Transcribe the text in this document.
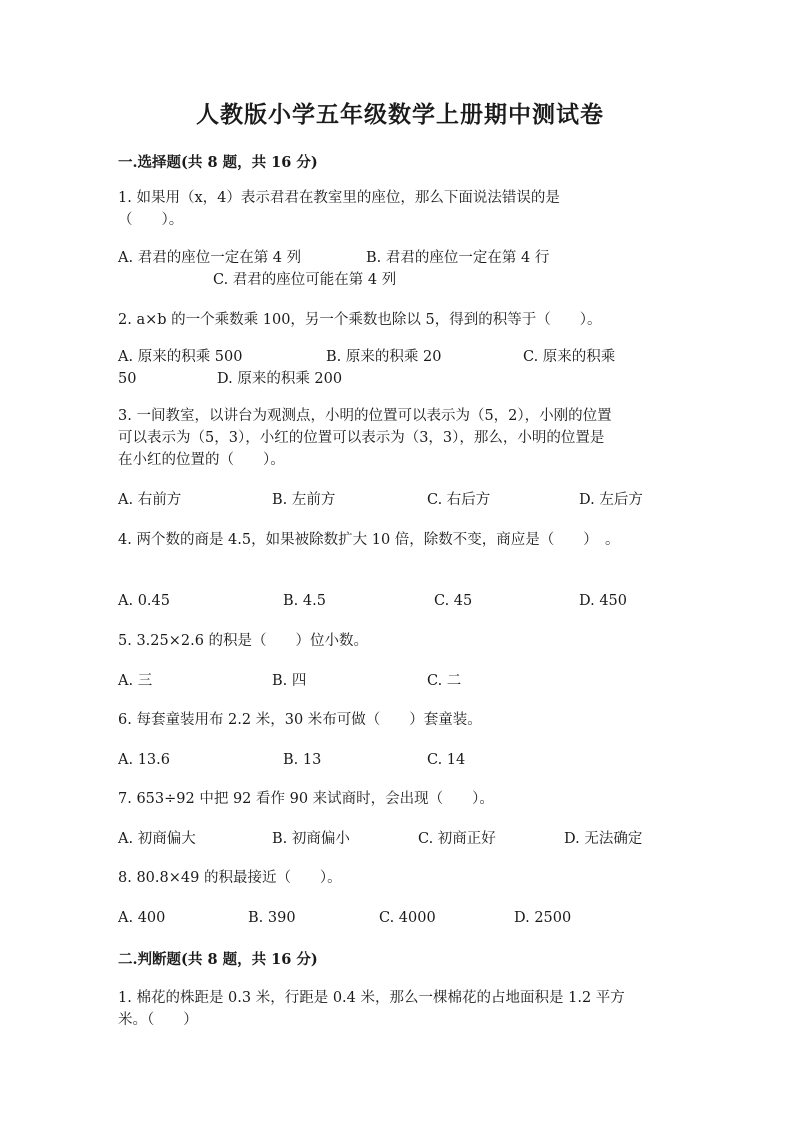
人教版小学五年级数学上册期中测试卷
一.选择题(共 8 题，共 16 分)
1. 如果用（x，4）表示君君在教室里的座位，那么下面说法错误的是
（　　）。
A. 君君的座位一定在第 4 列	B. 君君的座位一定在第 4 行
C. 君君的座位可能在第 4 列
2. a×b 的一个乘数乘 100，另一个乘数也除以 5，得到的积等于（　　）。
A. 原来的积乘 500	B. 原来的积乘 20	C. 原来的积乘
50	D. 原来的积乘 200
3. 一间教室，以讲台为观测点，小明的位置可以表示为（5，2），小刚的位置
可以表示为（5，3），小红的位置可以表示为（3，3），那么，小明的位置是
在小红的位置的（　　）。
A. 右前方	B. 左前方	C. 右后方	D. 左后方
4. 两个数的商是 4.5，如果被除数扩大 10 倍，除数不变，商应是（　　）　。
A. 0.45	B. 4.5	C. 45	D. 450
5. 3.25×2.6 的积是（　　）位小数。
A. 三	B. 四	C. 二
6. 每套童装用布 2.2 米，30 米布可做（　　）套童装。
A. 13.6	B. 13	C. 14
7. 653÷92 中把 92 看作 90 来试商时，会出现（　　）。
A. 初商偏大	B. 初商偏小	C. 初商正好	D. 无法确定
8. 80.8×49 的积最接近（　　）。
A. 400	B. 390	C. 4000	D. 2500
二.判断题(共 8 题，共 16 分)
1. 棉花的株距是 0.3 米，行距是 0.4 米，那么一棵棉花的占地面积是 1.2 平方
米。（　　）
